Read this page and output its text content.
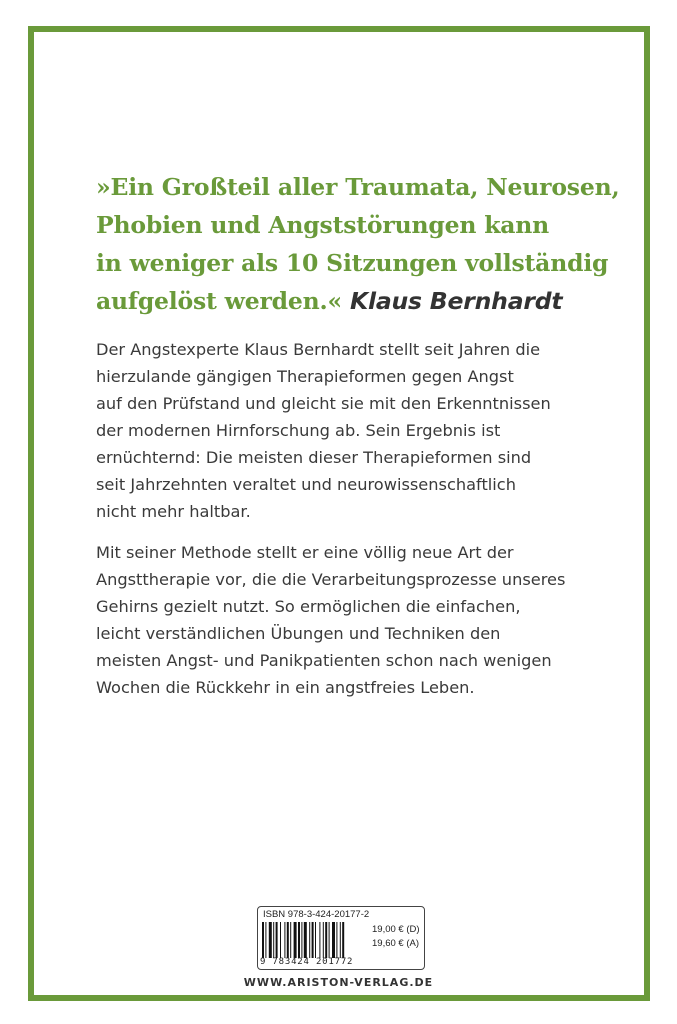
»Ein Großteil aller Traumata, Neurosen,
Phobien und Angststörungen kann
in weniger als 10 Sitzungen vollständig
aufgelöst werden.« Klaus Bernhardt
Der Angstexperte Klaus Bernhardt stellt seit Jahren die
hierzulande gängigen Therapieformen gegen Angst
auf den Prüfstand und gleicht sie mit den Erkenntnissen
der modernen Hirnforschung ab. Sein Ergebnis ist
ernüchternd: Die meisten dieser Therapieformen sind
seit Jahrzehnten veraltet und neurowissenschaftlich
nicht mehr haltbar.
Mit seiner Methode stellt er eine völlig neue Art der
Angsttherapie vor, die die Verarbeitungsprozesse unseres
Gehirns gezielt nutzt. So ermöglichen die einfachen,
leicht verständlichen Übungen und Techniken den
meisten Angst- und Panikpatienten schon nach wenigen
Wochen die Rückkehr in ein angstfreies Leben.
ISBN 978-3-424-20177-2
9 783424 201772
19,00 € (D)
19,60 € (A)
WWW.ARISTON-VERLAG.DE
